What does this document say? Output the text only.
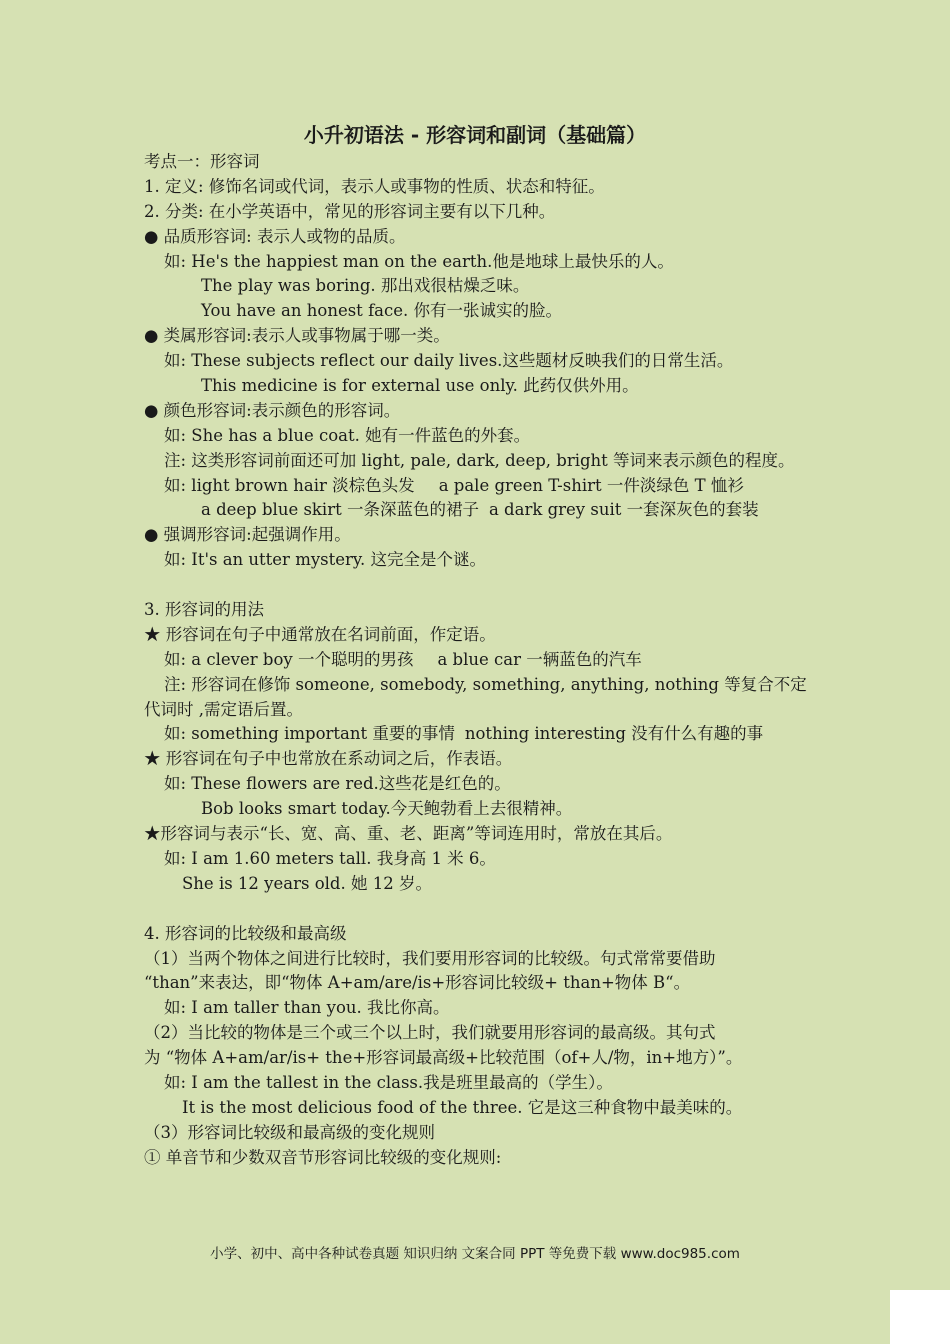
小升初语法 - 形容词和副词（基础篇）
考点一：形容词
1. 定义: 修饰名词或代词，表示人或事物的性质、状态和特征。
2. 分类: 在小学英语中，常见的形容词主要有以下几种。
● 品质形容词: 表示人或物的品质。
如: He's the happiest man on the earth.他是地球上最快乐的人。
The play was boring. 那出戏很枯燥乏味。
You have an honest face. 你有一张诚实的脸。
● 类属形容词:表示人或事物属于哪一类。
如: These subjects reflect our daily lives.这些题材反映我们的日常生活。
This medicine is for external use only. 此药仅供外用。
● 颜色形容词:表示颜色的形容词。
如: She has a blue coat. 她有一件蓝色的外套。
注: 这类形容词前面还可加 light, pale, dark, deep, bright 等词来表示颜色的程度。
如: light brown hair 淡棕色头发 a pale green T-shirt 一件淡绿色 T 恤衫
a deep blue skirt 一条深蓝色的裙子 a dark grey suit 一套深灰色的套装
● 强调形容词:起强调作用。
如: It's an utter mystery. 这完全是个谜。
3. 形容词的用法
★ 形容词在句子中通常放在名词前面，作定语。
如: a clever boy 一个聪明的男孩 a blue car 一辆蓝色的汽车
注: 形容词在修饰 someone, somebody, something, anything, nothing 等复合不定
代词时 ,需定语后置。
如: something important 重要的事情 nothing interesting 没有什么有趣的事
★ 形容词在句子中也常放在系动词之后，作表语。
如: These flowers are red.这些花是红色的。
Bob looks smart today.今天鲍勃看上去很精神。
★形容词与表示“长、宽、高、重、老、距离”等词连用时，常放在其后。
如: I am 1.60 meters tall. 我身高 1 米 6。
She is 12 years old. 她 12 岁。
4. 形容词的比较级和最高级
（1）当两个物体之间进行比较时，我们要用形容词的比较级。句式常常要借助
“than”来表达，即“物体 A+am/are/is+形容词比较级+ than+物体 B“。
如: I am taller than you. 我比你高。
（2）当比较的物体是三个或三个以上时，我们就要用形容词的最高级。其句式
为 “物体 A+am/ar/is+ the+形容词最高级+比较范围（of+人/物，in+地方）”。
如: I am the tallest in the class.我是班里最高的（学生）。
It is the most delicious food of the three. 它是这三种食物中最美味的。
（3）形容词比较级和最高级的变化规则
① 单音节和少数双音节形容词比较级的变化规则:
小学、初中、高中各种试卷真题 知识归纳 文案合同 PPT 等免费下载 www.doc985.com
